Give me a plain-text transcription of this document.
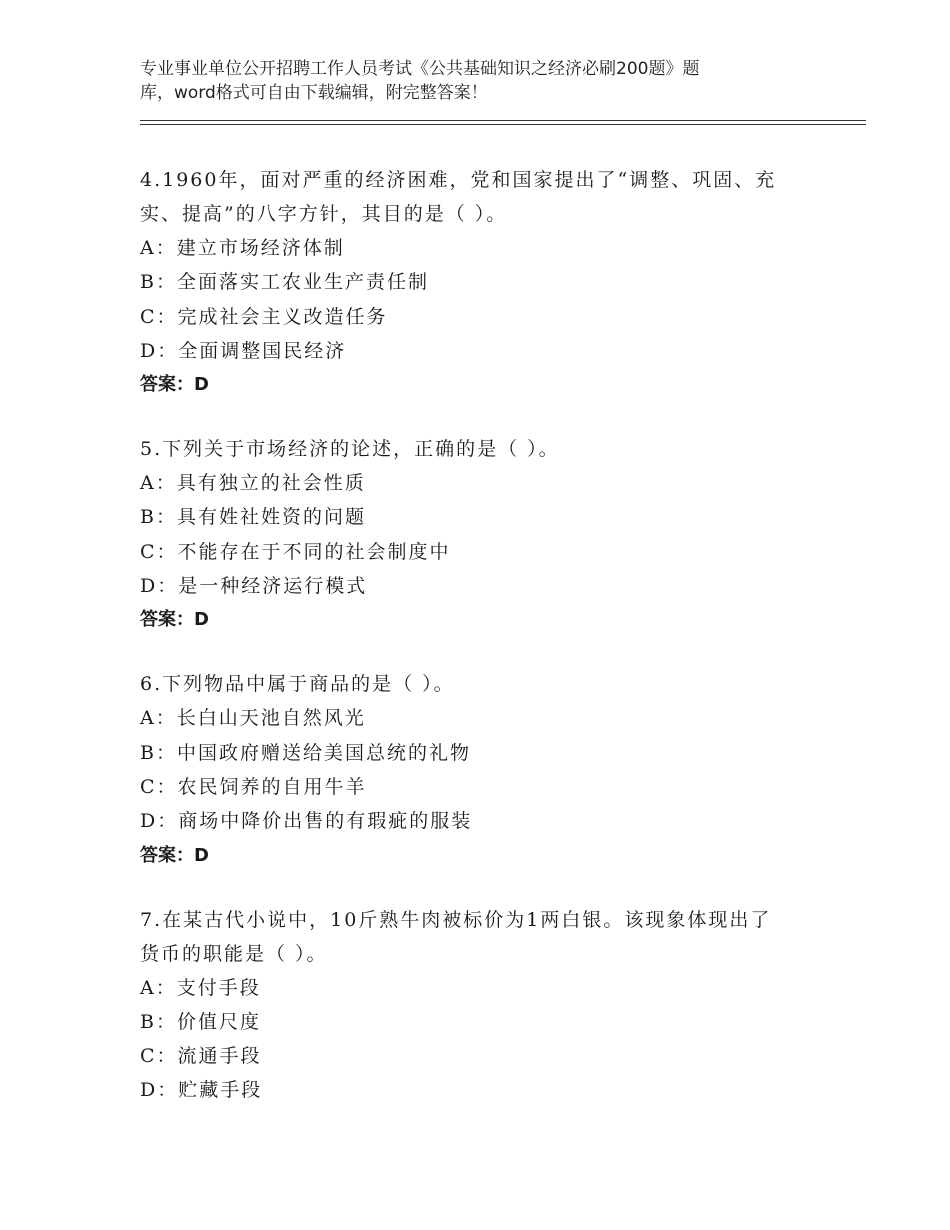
专业事业单位公开招聘工作人员考试《公共基础知识之经济必刷200题》题
库，word格式可自由下载编辑，附完整答案！
4.1960年，面对严重的经济困难，党和国家提出了“调整、巩固、充
实、提高”的八字方针，其目的是（ ）。
A：建立市场经济体制
B：全面落实工农业生产责任制
C：完成社会主义改造任务
D：全面调整国民经济
答案：D
5.下列关于市场经济的论述，正确的是（ ）。
A：具有独立的社会性质
B：具有姓社姓资的问题
C：不能存在于不同的社会制度中
D：是一种经济运行模式
答案：D
6.下列物品中属于商品的是（ ）。
A：长白山天池自然风光
B：中国政府赠送给美国总统的礼物
C：农民饲养的自用牛羊
D：商场中降价出售的有瑕疵的服装
答案：D
7.在某古代小说中，10斤熟牛肉被标价为1两白银。该现象体现出了
货币的职能是（ ）。
A：支付手段
B：价值尺度
C：流通手段
D：贮藏手段
